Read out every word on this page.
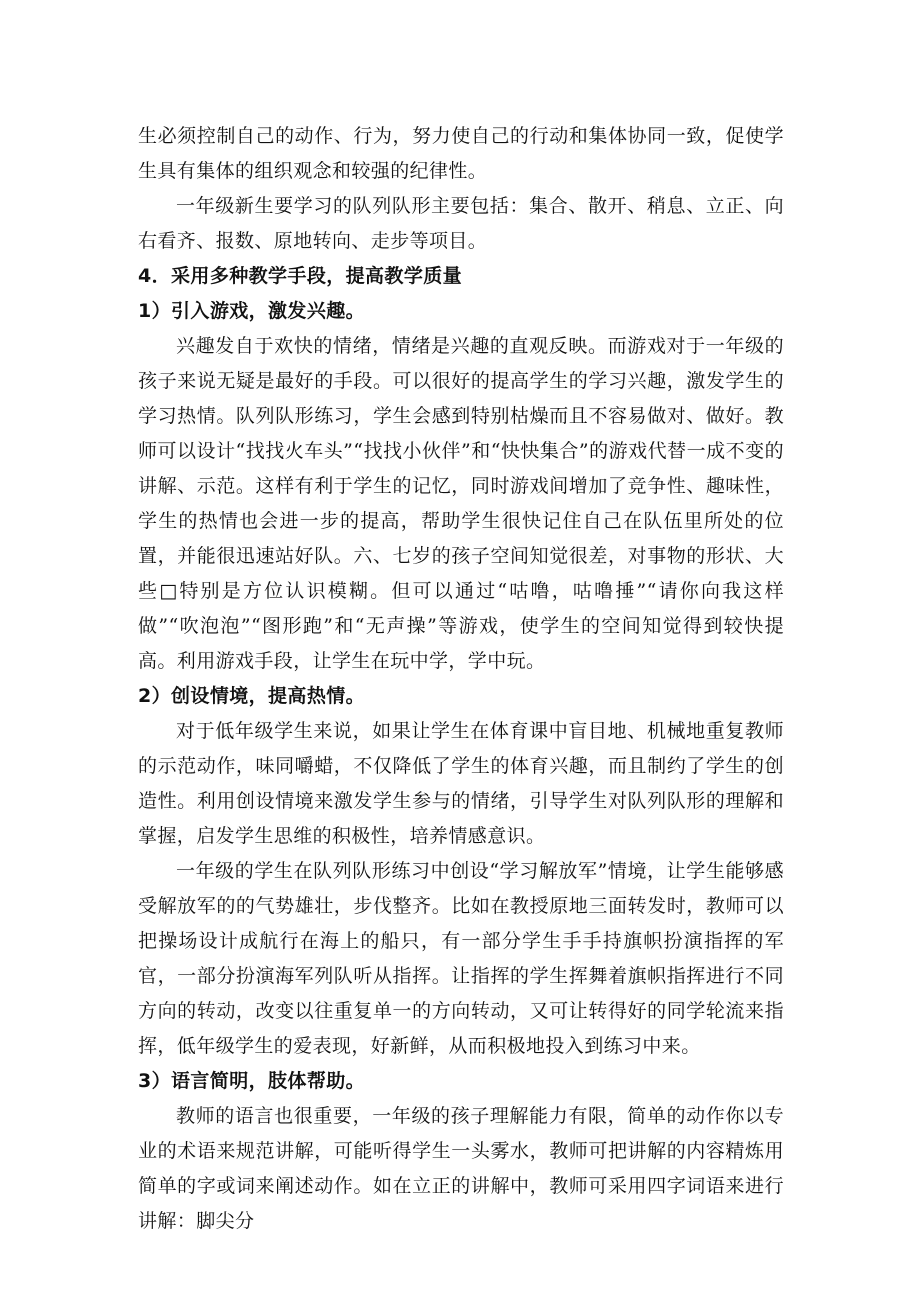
生必须控制自己的动作、行为，努力使自己的行动和集体协同一致，促使学生具有集体的组织观念和较强的纪律性。

一年级新生要学习的队列队形主要包括：集合、散开、稍息、立正、向右看齐、报数、原地转向、走步等项目。

4．采用多种教学手段，提高教学质量

1）引入游戏，激发兴趣。

兴趣发自于欢快的情绪，情绪是兴趣的直观反映。而游戏对于一年级的孩子来说无疑是最好的手段。可以很好的提高学生的学习兴趣，激发学生的学习热情。队列队形练习，学生会感到特别枯燥而且不容易做对、做好。教师可以设计“找找火车头”“找找小伙伴”和“快快集合”的游戏代替一成不变的讲解、示范。这样有利于学生的记忆，同时游戏间增加了竞争性、趣味性，学生的热情也会进一步的提高，帮助学生很快记住自己在队伍里所处的位置，并能很迅速站好队。六、七岁的孩子空间知觉很差，对事物的形状、大些□特别是方位认识模糊。但可以通过“咕噜，咕噜捶”“请你向我这样做”“吹泡泡”“图形跑”和“无声操”等游戏，使学生的空间知觉得到较快提高。利用游戏手段，让学生在玩中学，学中玩。

2）创设情境，提高热情。

对于低年级学生来说，如果让学生在体育课中盲目地、机械地重复教师的示范动作，味同嚼蜡，不仅降低了学生的体育兴趣，而且制约了学生的创造性。利用创设情境来激发学生参与的情绪，引导学生对队列队形的理解和掌握，启发学生思维的积极性，培养情感意识。

一年级的学生在队列队形练习中创设“学习解放军”情境，让学生能够感受解放军的的气势雄壮，步伐整齐。比如在教授原地三面转发时，教师可以把操场设计成航行在海上的船只，有一部分学生手手持旗帜扮演指挥的军官，一部分扮演海军列队听从指挥。让指挥的学生挥舞着旗帜指挥进行不同方向的转动，改变以往重复单一的方向转动，又可让转得好的同学轮流来指挥，低年级学生的爱表现，好新鲜，从而积极地投入到练习中来。

3）语言简明，肢体帮助。

教师的语言也很重要，一年级的孩子理解能力有限，简单的动作你以专业的术语来规范讲解，可能听得学生一头雾水，教师可把讲解的内容精炼用简单的字或词来阐述动作。如在立正的讲解中，教师可采用四字词语来进行讲解：脚尖分
